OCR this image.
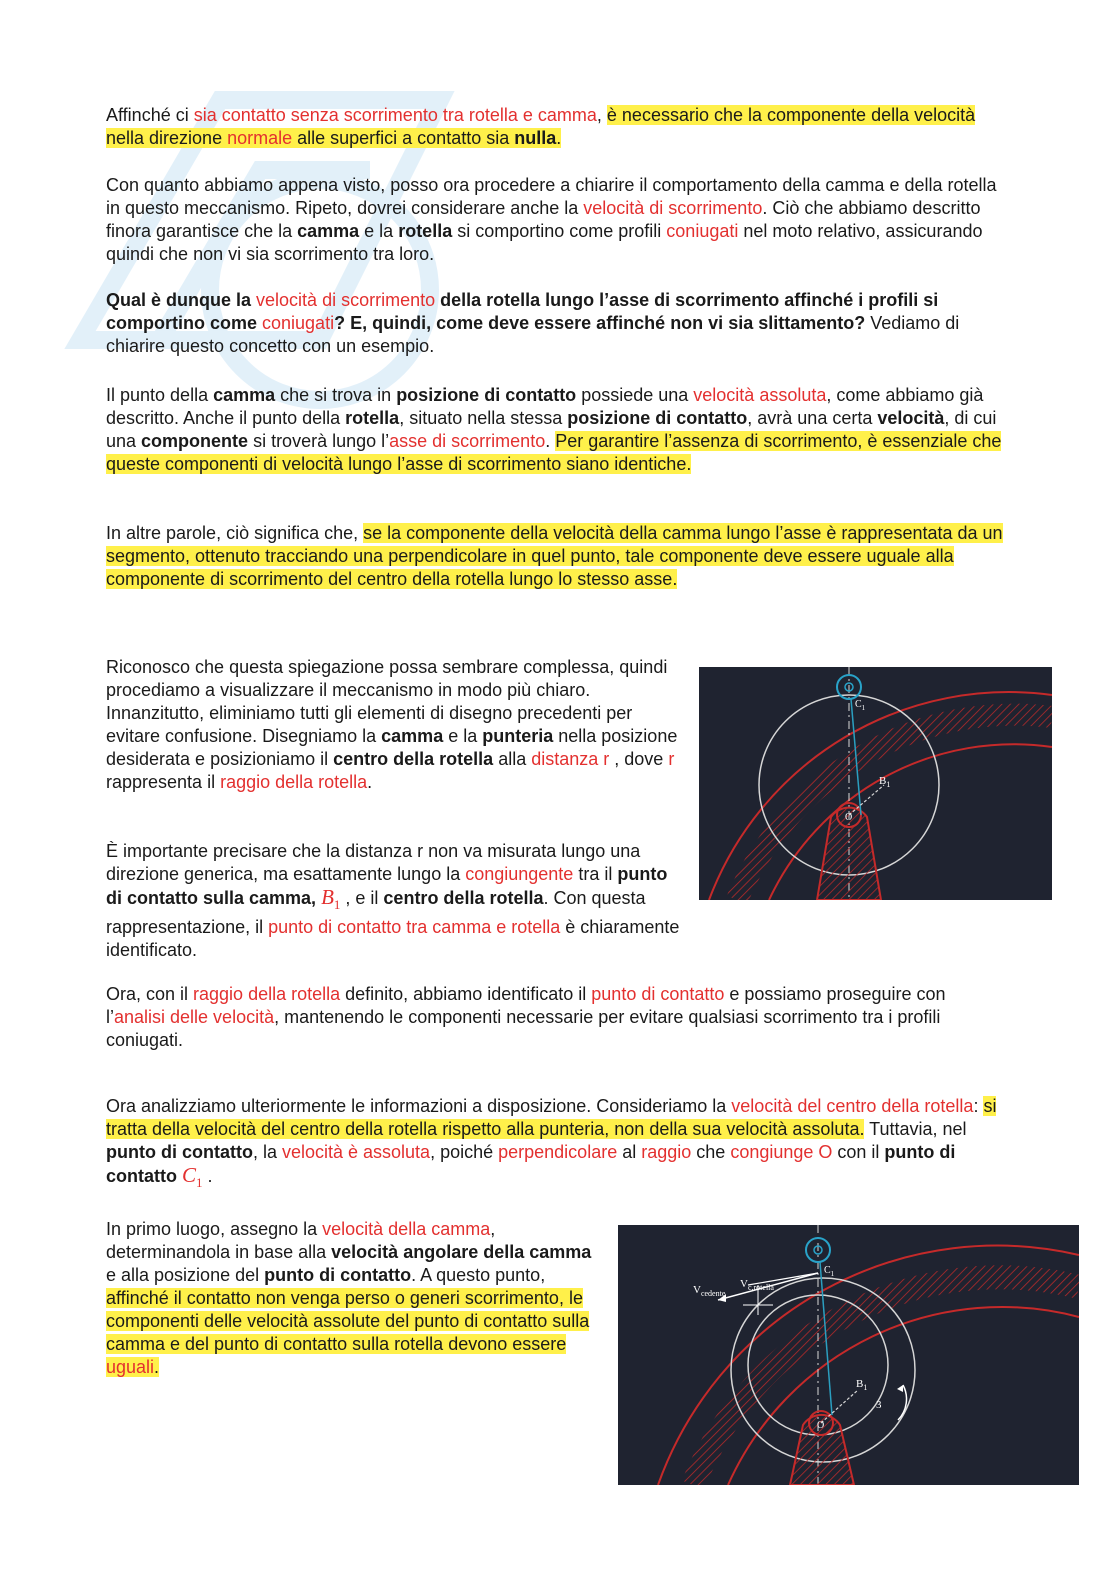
Affinché ci sia contatto senza scorrimento tra rotella e camma, è necessario che la componente della velocità nella direzione normale alle superfici a contatto sia nulla.

Con quanto abbiamo appena visto, posso ora procedere a chiarire il comportamento della camma e della rotella in questo meccanismo. Ripeto, dovrei considerare anche la velocità di scorrimento. Ciò che abbiamo descritto finora garantisce che la camma e la rotella si comportino come profili coniugati nel moto relativo, assicurando quindi che non vi sia scorrimento tra loro.

Qual è dunque la velocità di scorrimento della rotella lungo l’asse di scorrimento affinché i profili si comportino come coniugati? E, quindi, come deve essere affinché non vi sia slittamento? Vediamo di chiarire questo concetto con un esempio.

Il punto della camma che si trova in posizione di contatto possiede una velocità assoluta, come abbiamo già descritto. Anche il punto della rotella, situato nella stessa posizione di contatto, avrà una certa velocità, di cui una componente si troverà lungo l’asse di scorrimento. Per garantire l’assenza di scorrimento, è essenziale che queste componenti di velocità lungo l’asse di scorrimento siano identiche.

In altre parole, ciò significa che, se la componente della velocità della camma lungo l’asse è rappresentata da un segmento, ottenuto tracciando una perpendicolare in quel punto, tale componente deve essere uguale alla componente di scorrimento del centro della rotella lungo lo stesso asse.

Riconosco che questa spiegazione possa sembrare complessa, quindi procediamo a visualizzare il meccanismo in modo più chiaro. Innanzitutto, eliminiamo tutti gli elementi di disegno precedenti per evitare confusione. Disegniamo la camma e la punteria nella posizione desiderata e posizioniamo il centro della rotella alla distanza r , dove r rappresenta il raggio della rotella.

È importante precisare che la distanza r non va misurata lungo una direzione generica, ma esattamente lungo la congiungente tra il punto di contatto sulla camma, $B_1$ , e il centro della rotella. Con questa rappresentazione, il punto di contatto tra camma e rotella è chiaramente identificato.

$B_1$
$C_1$
O

Ora, con il raggio della rotella definito, abbiamo identificato il punto di contatto e possiamo proseguire con l’analisi delle velocità, mantenendo le componenti necessarie per evitare qualsiasi scorrimento tra i profili coniugati.

Ora analizziamo ulteriormente le informazioni a disposizione. Consideriamo la velocità del centro della rotella: si tratta della velocità del centro della rotella rispetto alla punteria, non della sua velocità assoluta. Tuttavia, nel punto di contatto, la velocità è assoluta, poiché perpendicolare al raggio che congiunge O con il punto di contatto $C_1$ .

In primo luogo, assegno la velocità della camma, determinandola in base alla velocità angolare della camma e alla posizione del punto di contatto. A questo punto, affinché il contatto non venga perso o generi scorrimento, le componenti delle velocità assolute del punto di contatto sulla camma e del punto di contatto sulla rotella devono essere uguali.

$V_{cedente}$
$V_{c,rotella}$
$B_1$
$C_1$
O
3
